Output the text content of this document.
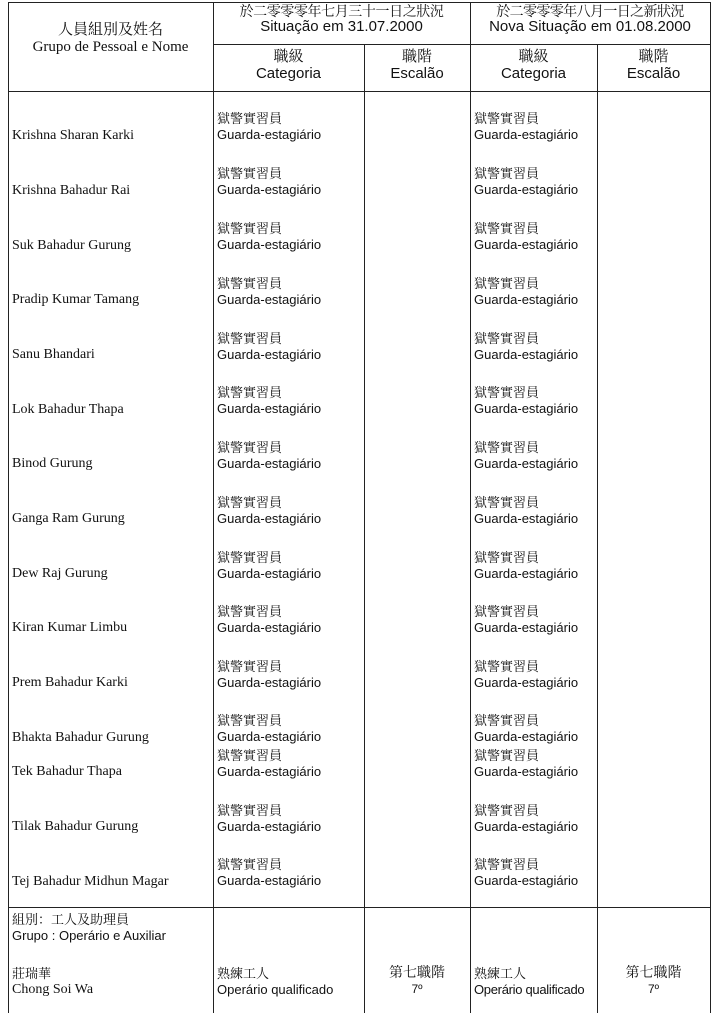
人員組別及姓名
Grupo de Pessoal e Nome
於二零零零年七月三十一日之狀況
Situação em 31.07.2000
於二零零零年八月一日之新狀況
Nova Situação em 01.08.2000
職級
Categoria
職階
Escalão
職級
Categoria
職階
Escalão
Krishna Sharan Karki
獄警實習員
Guarda-estagiário
獄警實習員
Guarda-estagiário
Krishna Bahadur Rai
獄警實習員
Guarda-estagiário
獄警實習員
Guarda-estagiário
Suk Bahadur Gurung
獄警實習員
Guarda-estagiário
獄警實習員
Guarda-estagiário
Pradip Kumar Tamang
獄警實習員
Guarda-estagiário
獄警實習員
Guarda-estagiário
Sanu Bhandari
獄警實習員
Guarda-estagiário
獄警實習員
Guarda-estagiário
Lok Bahadur Thapa
獄警實習員
Guarda-estagiário
獄警實習員
Guarda-estagiário
Binod Gurung
獄警實習員
Guarda-estagiário
獄警實習員
Guarda-estagiário
Ganga Ram Gurung
獄警實習員
Guarda-estagiário
獄警實習員
Guarda-estagiário
Dew Raj Gurung
獄警實習員
Guarda-estagiário
獄警實習員
Guarda-estagiário
Kiran Kumar Limbu
獄警實習員
Guarda-estagiário
獄警實習員
Guarda-estagiário
Prem Bahadur Karki
獄警實習員
Guarda-estagiário
獄警實習員
Guarda-estagiário
Bhakta Bahadur Gurung
獄警實習員
Guarda-estagiário
獄警實習員
Guarda-estagiário
Tek Bahadur Thapa
獄警實習員
Guarda-estagiário
獄警實習員
Guarda-estagiário
Tilak Bahadur Gurung
獄警實習員
Guarda-estagiário
獄警實習員
Guarda-estagiário
Tej Bahadur Midhun Magar
獄警實習員
Guarda-estagiário
獄警實習員
Guarda-estagiário
組別：工人及助理員
Grupo : Operário e Auxiliar
莊瑞華
Chong Soi Wa
熟練工人
Operário qualificado
第七職階
7º
熟練工人
Operário qualificado
第七職階
7º
